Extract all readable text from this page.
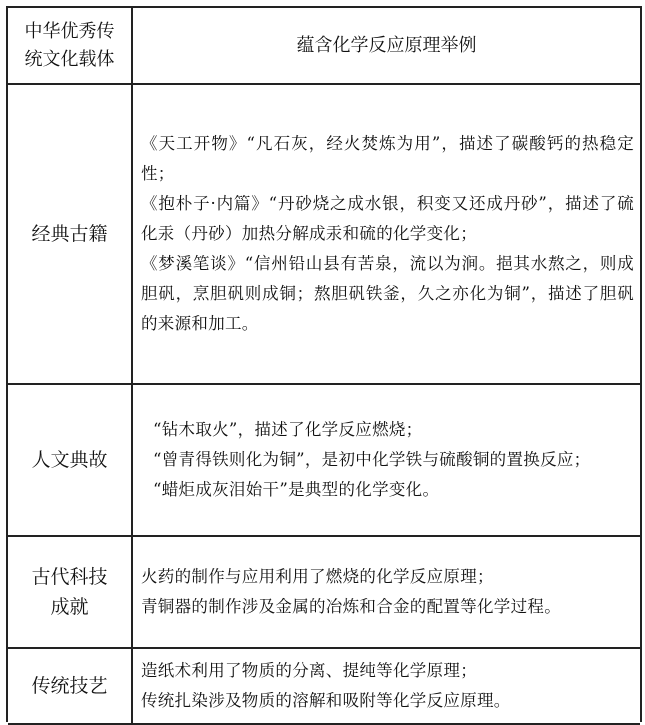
中华优秀传统文化载体	蕴含化学反应原理举例
经典古籍	《天工开物》“凡石灰，经火焚炼为用”，描述了碳酸钙的热稳定性；
《抱朴子·内篇》“丹砂烧之成水银，积变又还成丹砂”，描述了硫化汞（丹砂）加热分解成汞和硫的化学变化；
《梦溪笔谈》“信州铅山县有苦泉，流以为涧。挹其水熬之，则成胆矾，烹胆矾则成铜；熬胆矾铁釜，久之亦化为铜”，描述了胆矾的来源和加工。

人文典故	“钻木取火”，描述了化学反应燃烧；
“曾青得铁则化为铜”，是初中化学铁与硫酸铜的置换反应；
“蜡炬成灰泪始干”是典型的化学变化。

古代科技成就	火药的制作与应用利用了燃烧的化学反应原理；
青铜器的制作涉及金属的冶炼和合金的配置等化学过程。

传统技艺	造纸术利用了物质的分离、提纯等化学原理；
传统扎染涉及物质的溶解和吸附等化学反应原理。
